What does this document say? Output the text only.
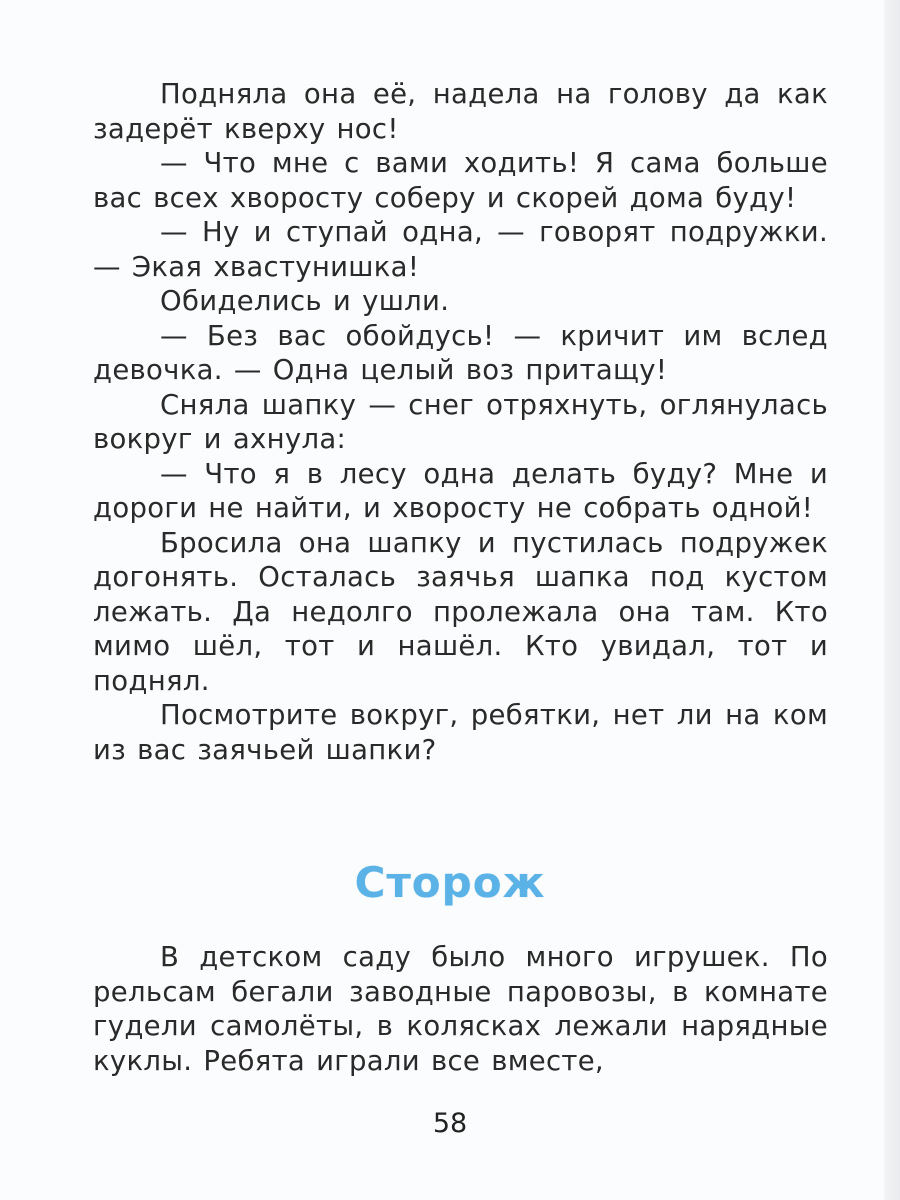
Подняла она её, надела на голову да как задерёт кверху нос!

— Что мне с вами ходить! Я сама больше вас всех хворосту соберу и скорей дома буду!

— Ну и ступай одна, — говорят подружки. — Экая хвастунишка!

Обиделись и ушли.

— Без вас обойдусь! — кричит им вслед девочка. — Одна целый воз притащу!

Сняла шапку — снег отряхнуть, оглянулась вокруг и ахнула:

— Что я в лесу одна делать буду? Мне и дороги не найти, и хворосту не собрать одной!

Бросила она шапку и пустилась подружек догонять. Осталась заячья шапка под кустом лежать. Да недолго пролежала она там. Кто мимо шёл, тот и нашёл. Кто увидал, тот и поднял.

Посмотрите вокруг, ребятки, нет ли на ком из вас заячьей шапки?

Сторож

В детском саду было много игрушек. По рельсам бегали заводные паровозы, в комнате гудели самолёты, в колясках лежали нарядные куклы. Ребята играли все вместе,

58
